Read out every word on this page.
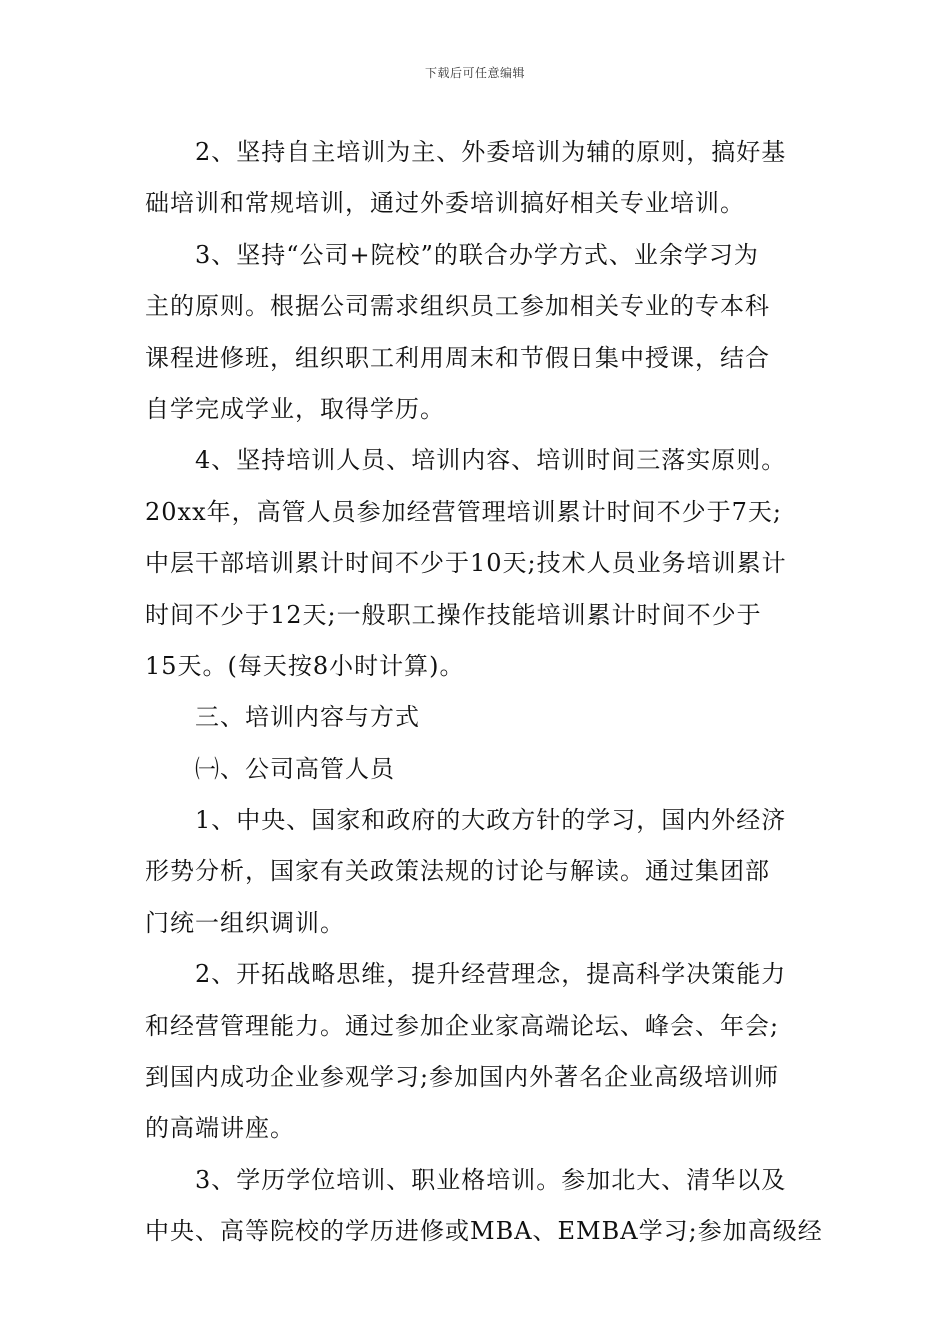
下载后可任意编辑
2、坚持自主培训为主、外委培训为辅的原则，搞好基
础培训和常规培训，通过外委培训搞好相关专业培训。
3、坚持“公司+院校”的联合办学方式、业余学习为
主的原则。根据公司需求组织员工参加相关专业的专本科
课程进修班，组织职工利用周末和节假日集中授课，结合
自学完成学业，取得学历。
4、坚持培训人员、培训内容、培训时间三落实原则。
20xx年，高管人员参加经营管理培训累计时间不少于7天;
中层干部培训累计时间不少于10天;技术人员业务培训累计
时间不少于12天;一般职工操作技能培训累计时间不少于
15天。(每天按8小时计算)。
三、培训内容与方式
㈠、公司高管人员
1、中央、国家和政府的大政方针的学习，国内外经济
形势分析，国家有关政策法规的讨论与解读。通过集团部
门统一组织调训。
2、开拓战略思维，提升经营理念，提高科学决策能力
和经营管理能力。通过参加企业家高端论坛、峰会、年会;
到国内成功企业参观学习;参加国内外著名企业高级培训师
的高端讲座。
3、学历学位培训、职业格培训。参加北大、清华以及
中央、高等院校的学历进修或MBA、EMBA学习;参加高级经
